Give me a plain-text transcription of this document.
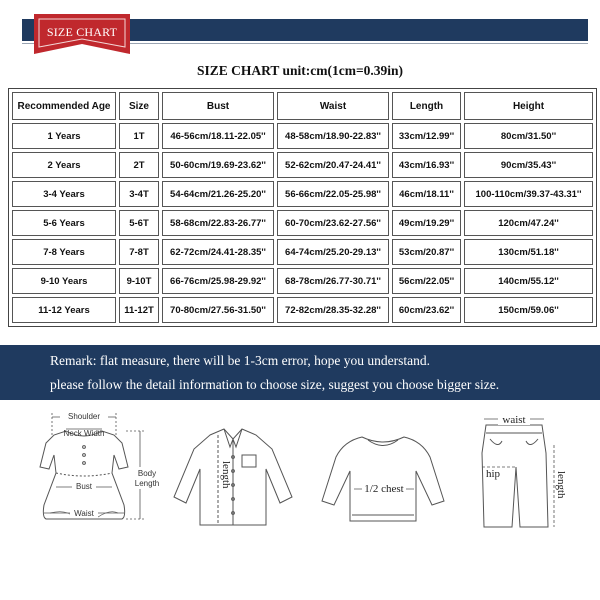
SIZE CHART
SIZE CHART unit:cm(1cm=0.39in)
Recommended Age	Size	Bust	Waist	Length	Height
1 Years	1T	46-56cm/18.11-22.05''	48-58cm/18.90-22.83''	33cm/12.99''	80cm/31.50''
2 Years	2T	50-60cm/19.69-23.62''	52-62cm/20.47-24.41''	43cm/16.93''	90cm/35.43''
3-4 Years	3-4T	54-64cm/21.26-25.20''	56-66cm/22.05-25.98''	46cm/18.11''	100-110cm/39.37-43.31''
5-6 Years	5-6T	58-68cm/22.83-26.77''	60-70cm/23.62-27.56''	49cm/19.29''	120cm/47.24''
7-8 Years	7-8T	62-72cm/24.41-28.35''	64-74cm/25.20-29.13''	53cm/20.87''	130cm/51.18''
9-10 Years	9-10T	66-76cm/25.98-29.92''	68-78cm/26.77-30.71''	56cm/22.05''	140cm/55.12''
11-12 Years	11-12T	70-80cm/27.56-31.50''	72-82cm/28.35-32.28''	60cm/23.62''	150cm/59.06''
Remark: flat measure, there will be 1-3cm error, hope you understand.
please follow the detail information to choose size, suggest you choose bigger size.
Shoulder
Neck Width
Bust
Waist
Body
Length	length
1/2 chest
waist
hip	length
